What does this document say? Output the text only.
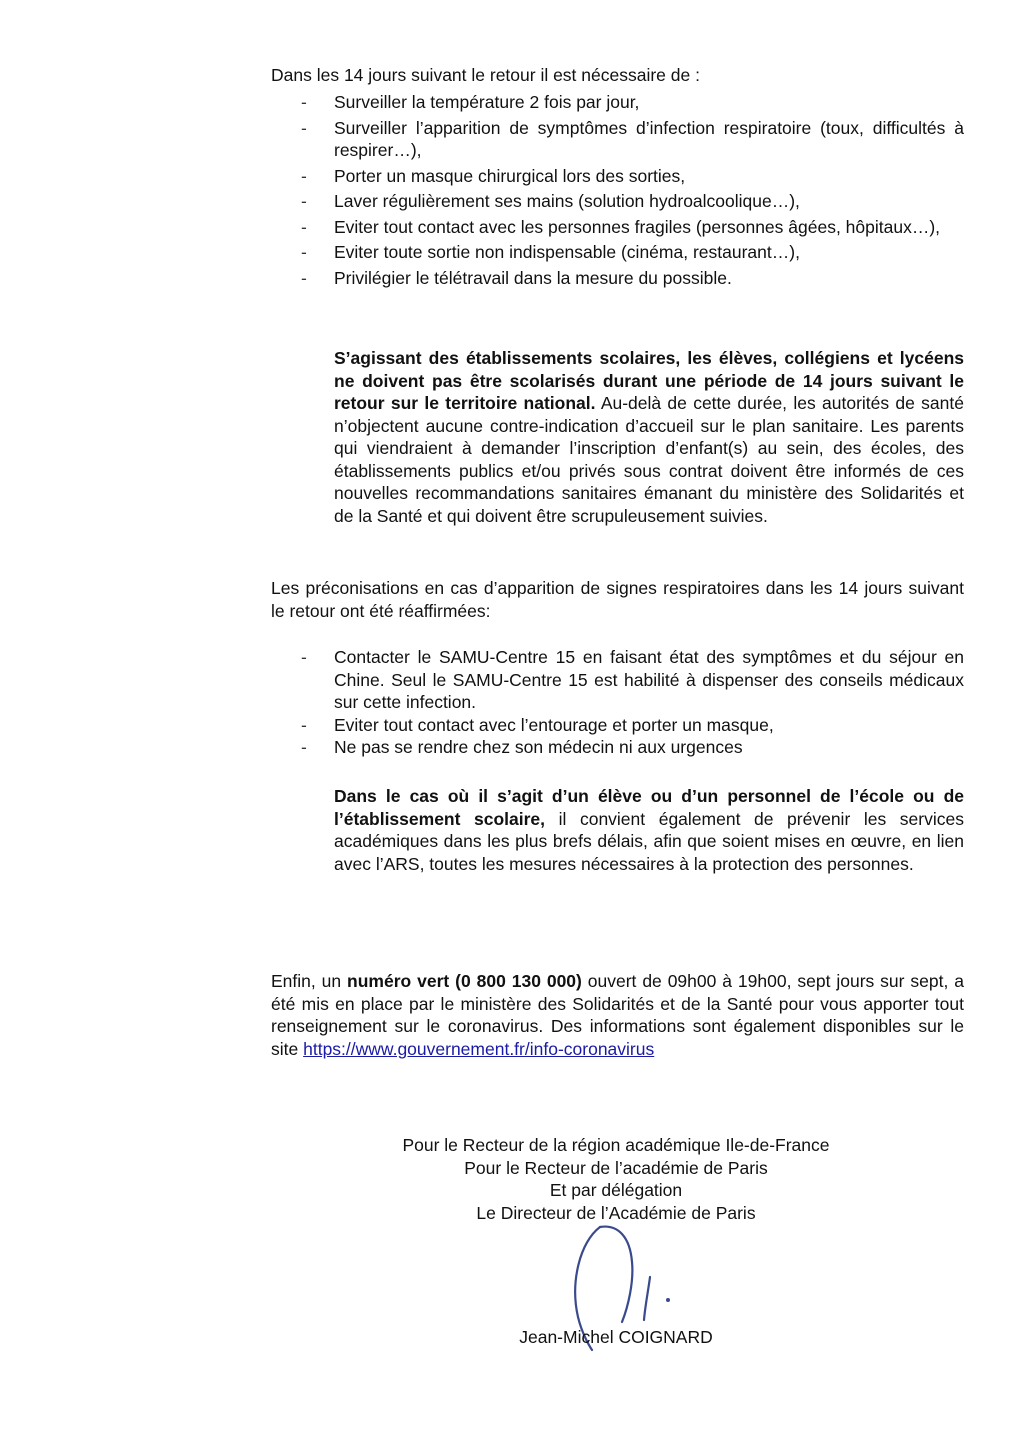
Dans les 14 jours suivant le retour il est nécessaire de :

- Surveiller la température 2 fois par jour,
- Surveiller l’apparition de symptômes d’infection respiratoire (toux, difficultés à respirer…),
- Porter un masque chirurgical lors des sorties,
- Laver régulièrement ses mains (solution hydroalcoolique…),
- Eviter tout contact avec les personnes fragiles (personnes âgées, hôpitaux…),
- Eviter toute sortie non indispensable (cinéma, restaurant…),
- Privilégier le télétravail dans la mesure du possible.

S’agissant des établissements scolaires, les élèves, collégiens et lycéens ne doivent pas être scolarisés durant une période de 14 jours suivant le retour sur le territoire national. Au-delà de cette durée, les autorités de santé n’objectent aucune contre-indication d’accueil sur le plan sanitaire. Les parents qui viendraient à demander l’inscription d’enfant(s) au sein, des écoles, des établissements publics et/ou privés sous contrat doivent être informés de ces nouvelles recommandations sanitaires émanant du ministère des Solidarités et de la Santé et qui doivent être scrupuleusement suivies.

Les préconisations en cas d’apparition de signes respiratoires dans les 14 jours suivant le retour ont été réaffirmées:

- Contacter le SAMU-Centre 15 en faisant état des symptômes et du séjour en Chine. Seul le SAMU-Centre 15 est habilité à dispenser des conseils médicaux sur cette infection.
- Eviter tout contact avec l’entourage et porter un masque,
- Ne pas se rendre chez son médecin ni aux urgences

Dans le cas où il s’agit d’un élève ou d’un personnel de l’école ou de l’établissement scolaire, il convient également de prévenir les services académiques dans les plus brefs délais, afin que soient mises en œuvre, en lien avec l’ARS, toutes les mesures nécessaires à la protection des personnes.

Enfin, un numéro vert (0 800 130 000) ouvert de 09h00 à 19h00, sept jours sur sept, a été mis en place par le ministère des Solidarités et de la Santé pour vous apporter tout renseignement sur le coronavirus. Des informations sont également disponibles sur le site https://www.gouvernement.fr/info-coronavirus

Pour le Recteur de la région académique Ile-de-France
Pour le Recteur de l’académie de Paris
Et par délégation
Le Directeur de l’Académie de Paris
Jean-Michel COIGNARD
